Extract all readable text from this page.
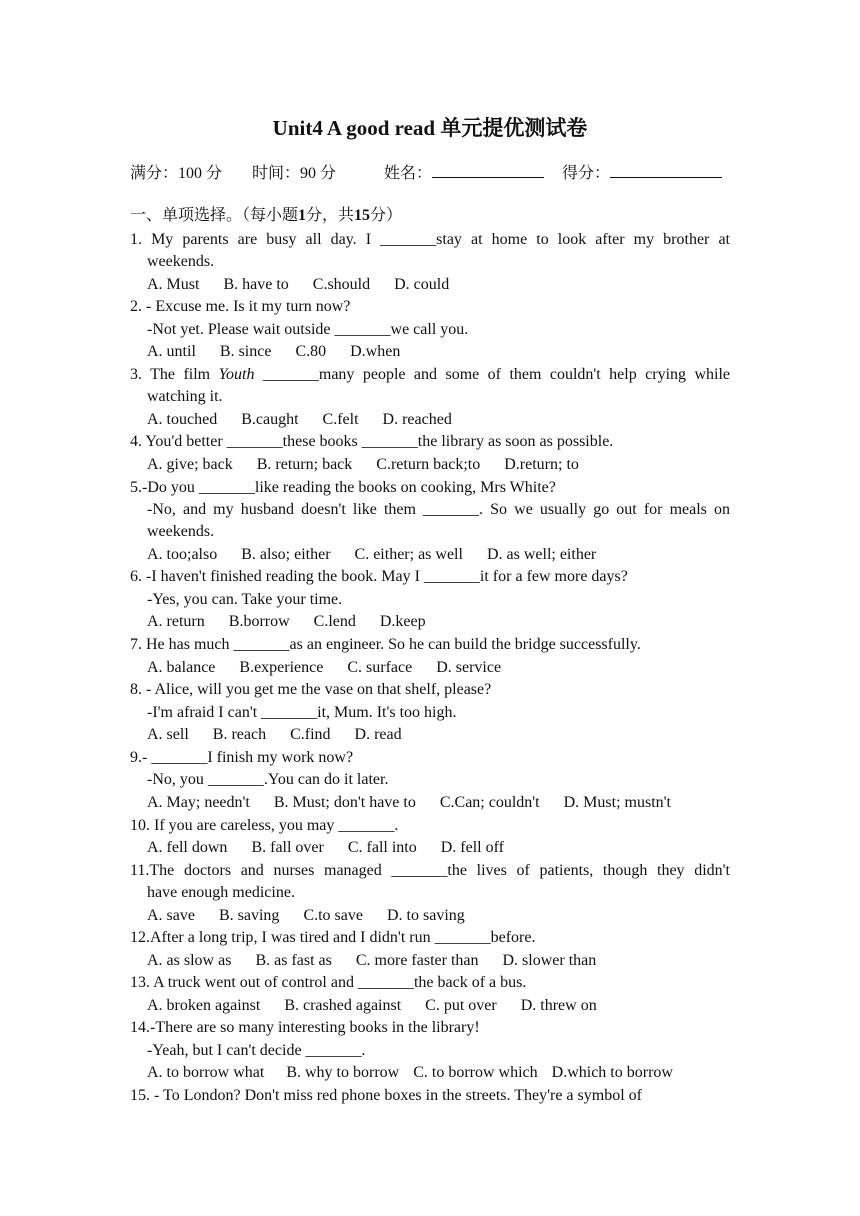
Unit4 A good read 单元提优测试卷
满分：100 分 时间：90 分	姓名：	得分：
一、单项选择。（每小题1分，共15分）
1. My parents are busy all day. I _______stay at home to look after my brother at
weekends.
A. Must B. have to C.should D. could
2. - Excuse me. Is it my turn now?
-Not yet. Please wait outside _______we call you.
A. until B. since C.80 D.when
3. The film Youth _______many people and some of them couldn't help crying while
watching it.
A. touched B.caught C.felt D. reached
4. You'd better _______these books _______the library as soon as possible.
A. give; back B. return; back C.return back;to D.return; to
5.-Do you _______like reading the books on cooking, Mrs White?
-No, and my husband doesn't like them _______. So we usually go out for meals on
weekends.
A. too;also B. also; either C. either; as well D. as well; either
6. -I haven't finished reading the book. May I _______it for a few more days?
-Yes, you can. Take your time.
A. return B.borrow C.lend D.keep
7. He has much _______as an engineer. So he can build the bridge successfully.
A. balance B.experience C. surface D. service
8. - Alice, will you get me the vase on that shelf, please?
-I'm afraid I can't _______it, Mum. It's too high.
A. sell B. reach C.find D. read
9.- _______I finish my work now?
-No, you _______.You can do it later.
A. May; needn't B. Must; don't have to C.Can; couldn't D. Must; mustn't
10. If you are careless, you may _______.
A. fell down B. fall over C. fall into D. fell off
11.The doctors and nurses managed _______the lives of patients, though they didn't
have enough medicine.
A. save B. saving C.to save D. to saving
12.After a long trip, I was tired and I didn't run _______before.
A. as slow as B. as fast as C. more faster than D. slower than
13. A truck went out of control and _______the back of a bus.
A. broken against B. crashed against C. put over D. threw on
14.-There are so many interesting books in the library!
-Yeah, but I can't decide _______.
A. to borrow what B. why to borrow C. to borrow which D.which to borrow
15. - To London? Don't miss red phone boxes in the streets. They're a symbol of
